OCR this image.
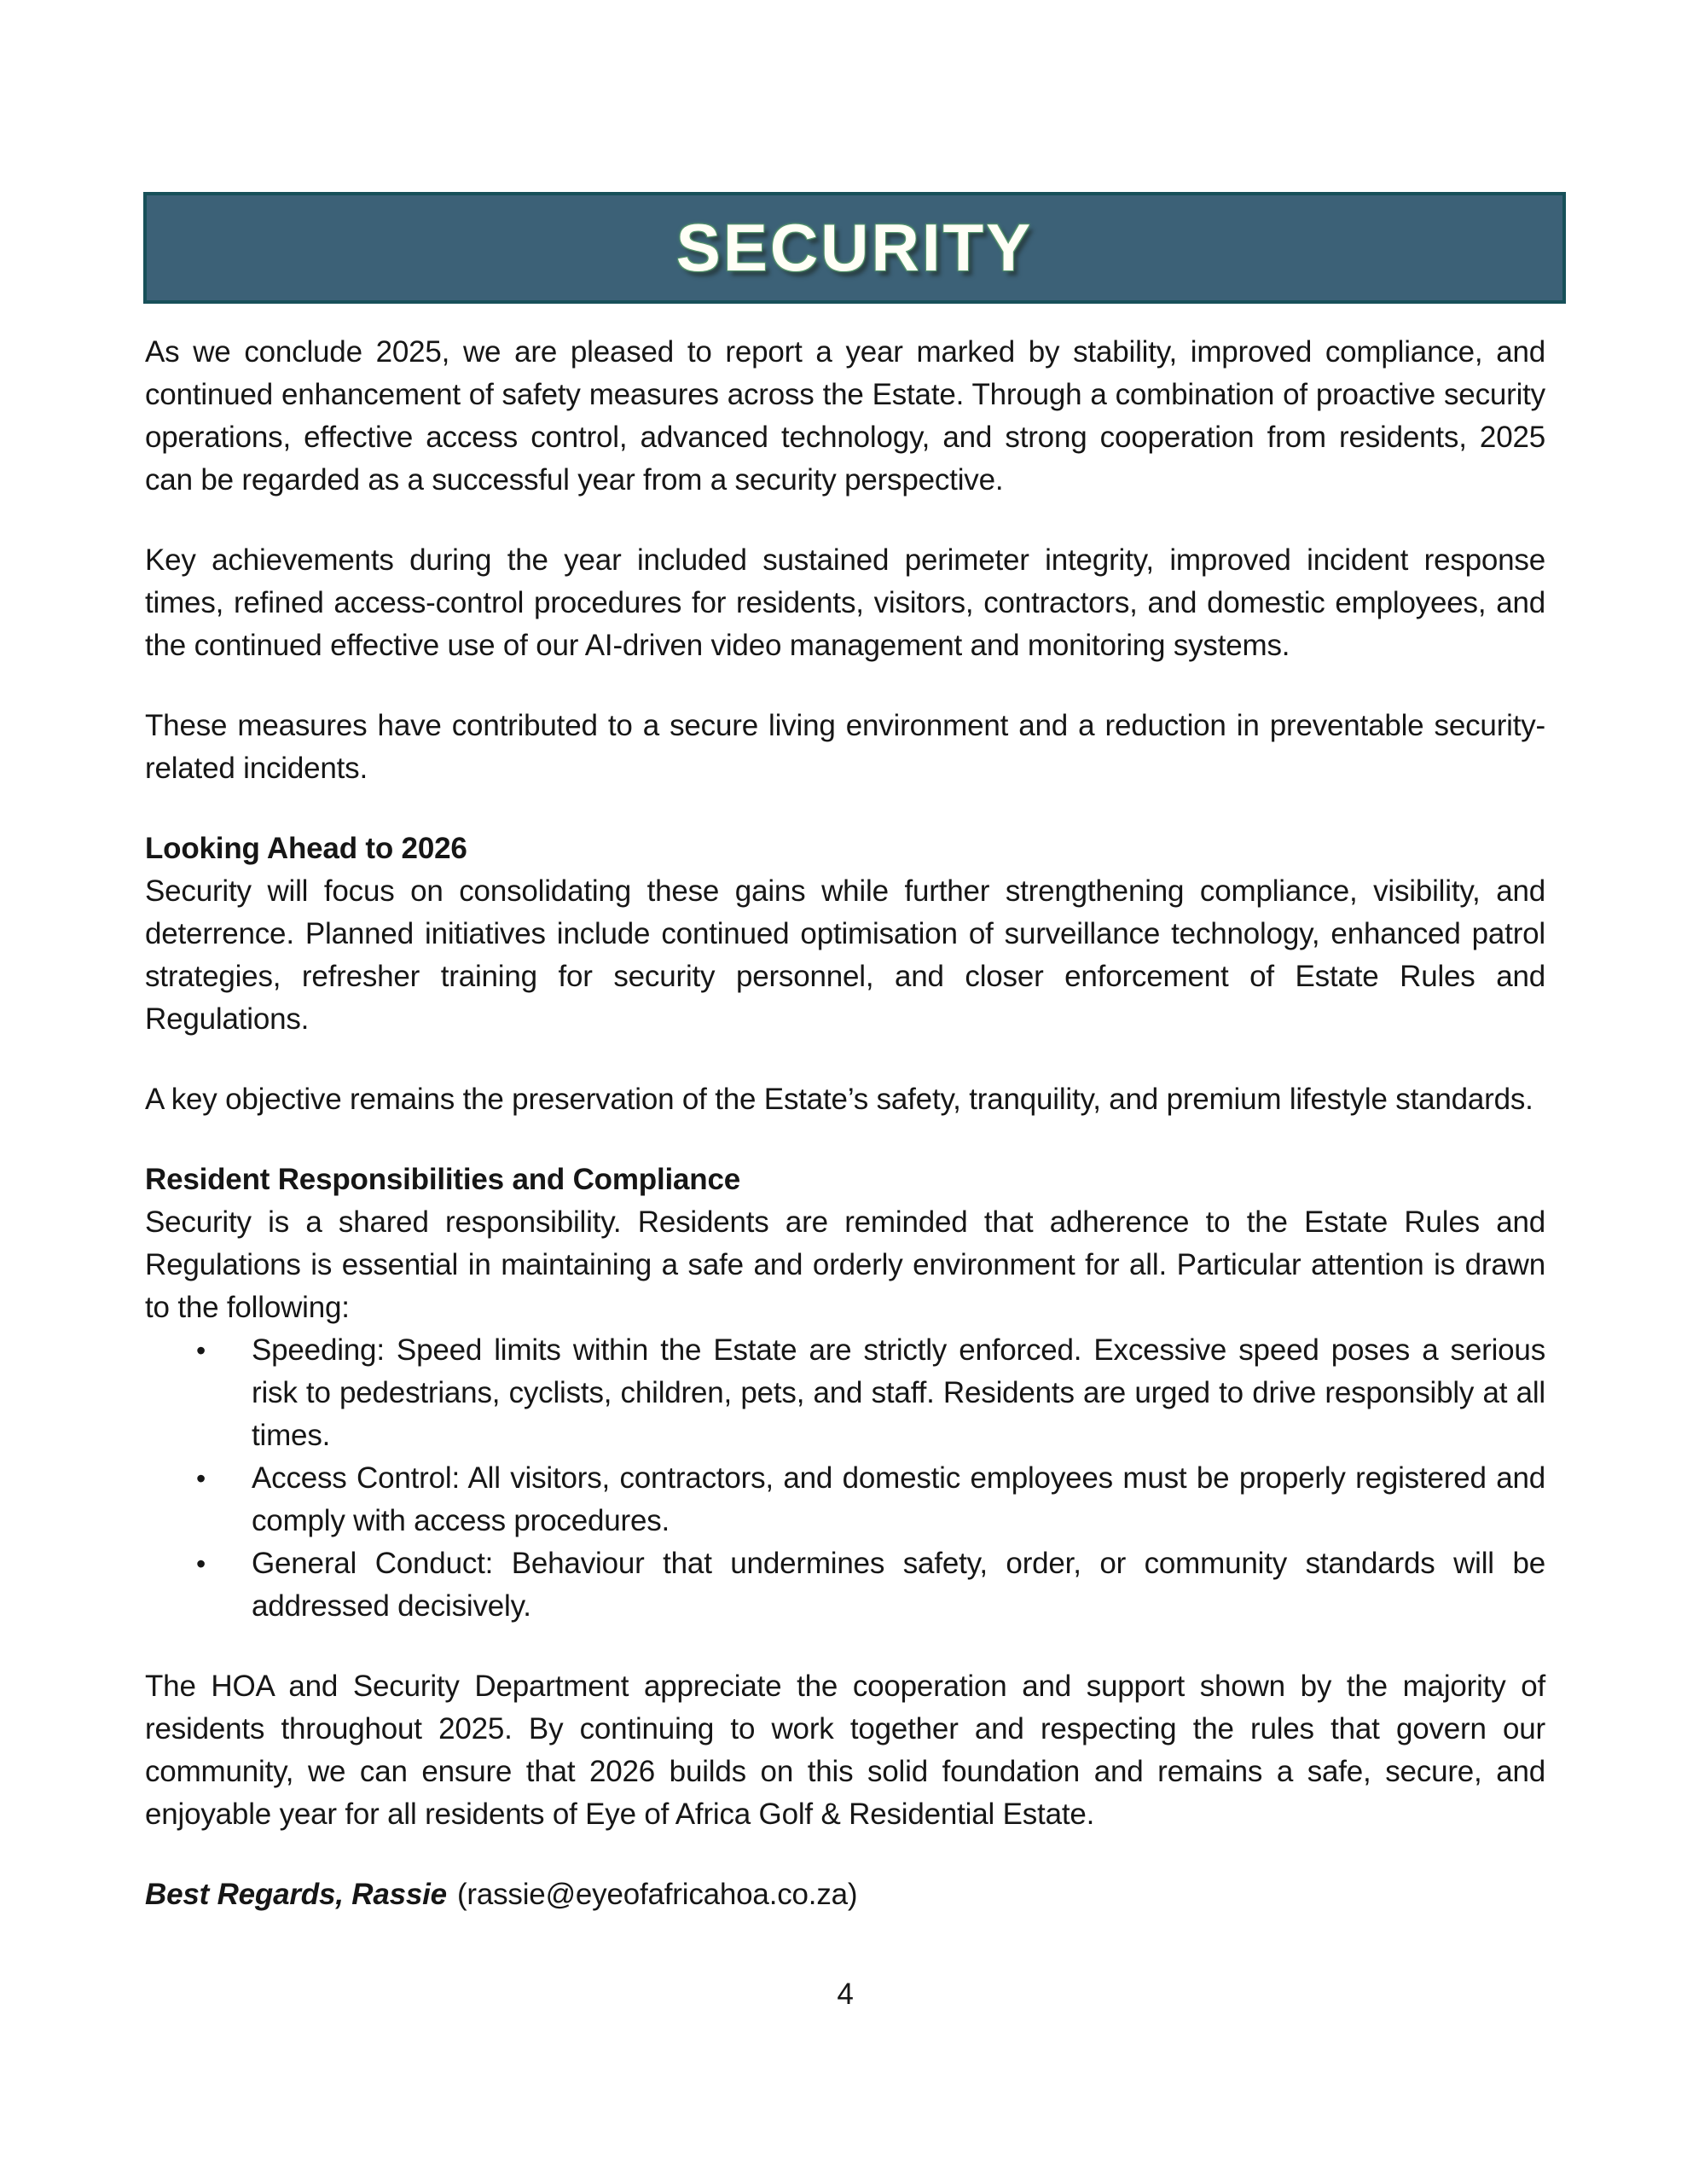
SECURITY

As we conclude 2025, we are pleased to report a year marked by stability, improved compliance, and continued enhancement of safety measures across the Estate. Through a combination of proactive security operations, effective access control, advanced technology, and strong cooperation from residents, 2025 can be regarded as a successful year from a security perspective.

Key achievements during the year included sustained perimeter integrity, improved incident response times, refined access-control procedures for residents, visitors, contractors, and domestic employees, and the continued effective use of our AI-driven video management and monitoring systems.

These measures have contributed to a secure living environment and a reduction in preventable security-related incidents.

Looking Ahead to 2026

Security will focus on consolidating these gains while further strengthening compliance, visibility, and deterrence. Planned initiatives include continued optimisation of surveillance technology, enhanced patrol strategies, refresher training for security personnel, and closer enforcement of Estate Rules and Regulations.

A key objective remains the preservation of the Estate’s safety, tranquility, and premium lifestyle standards.

Resident Responsibilities and Compliance

Security is a shared responsibility. Residents are reminded that adherence to the Estate Rules and Regulations is essential in maintaining a safe and orderly environment for all. Particular attention is drawn to the following:

• Speeding: Speed limits within the Estate are strictly enforced. Excessive speed poses a serious risk to pedestrians, cyclists, children, pets, and staff. Residents are urged to drive responsibly at all times.
• Access Control: All visitors, contractors, and domestic employees must be properly registered and comply with access procedures.
• General Conduct: Behaviour that undermines safety, order, or community standards will be addressed decisively.

The HOA and Security Department appreciate the cooperation and support shown by the majority of residents throughout 2025. By continuing to work together and respecting the rules that govern our community, we can ensure that 2026 builds on this solid foundation and remains a safe, secure, and enjoyable year for all residents of Eye of Africa Golf & Residential Estate.

Best Regards, Rassie (rassie@eyeofafricahoa.co.za)

4
